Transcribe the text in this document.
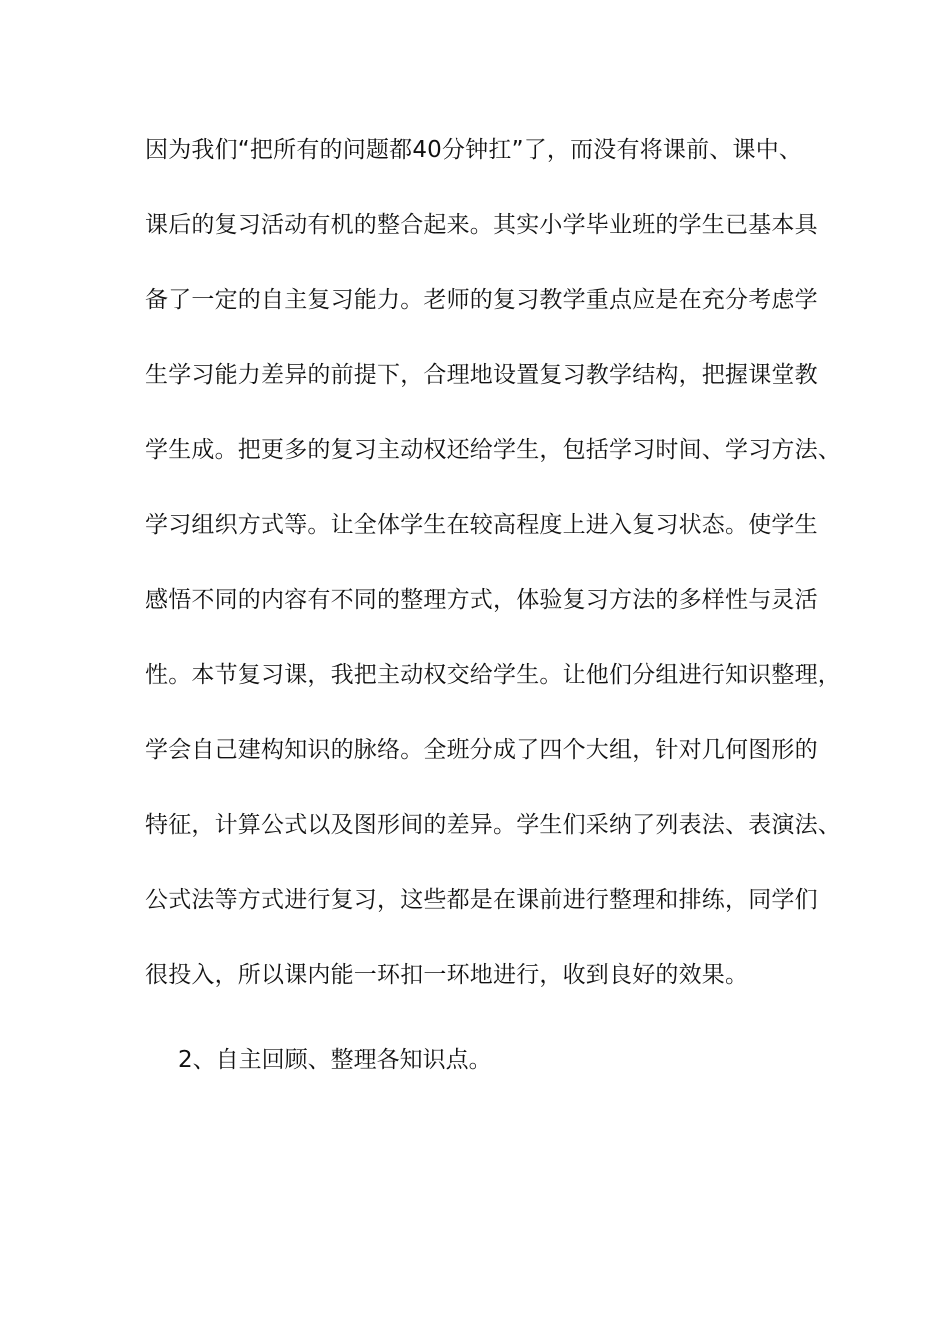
因为我们“把所有的问题都40分钟扛”了，而没有将课前、课中、
课后的复习活动有机的整合起来。其实小学毕业班的学生已基本具
备了一定的自主复习能力。老师的复习教学重点应是在充分考虑学
生学习能力差异的前提下，合理地设置复习教学结构，把握课堂教
学生成。把更多的复习主动权还给学生，包括学习时间、学习方法、
学习组织方式等。让全体学生在较高程度上进入复习状态。使学生
感悟不同的内容有不同的整理方式，体验复习方法的多样性与灵活
性。本节复习课，我把主动权交给学生。让他们分组进行知识整理，
学会自己建构知识的脉络。全班分成了四个大组，针对几何图形的
特征，计算公式以及图形间的差异。学生们采纳了列表法、表演法、
公式法等方式进行复习，这些都是在课前进行整理和排练，同学们
很投入，所以课内能一环扣一环地进行，收到良好的效果。
2、自主回顾、整理各知识点。
